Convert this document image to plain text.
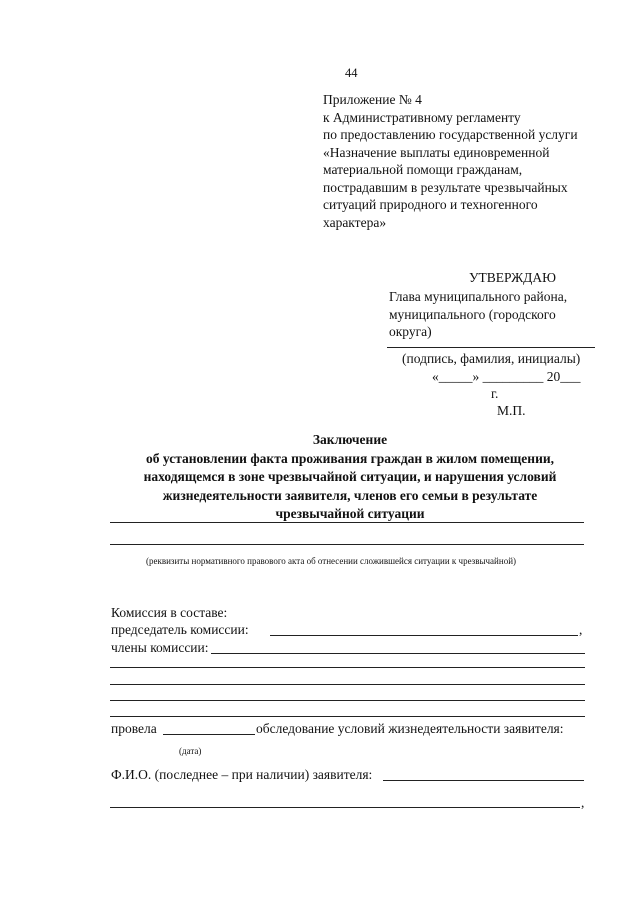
44
Приложение № 4
к Административному регламенту
по предоставлению государственной услуги
«Назначение выплаты единовременной
материальной помощи гражданам,
пострадавшим в результате чрезвычайных
ситуаций природного и техногенного
характера»
УТВЕРЖДАЮ
Глава муниципального района,
муниципального (городского
округа)
(подпись, фамилия, инициалы)
«_____» _________ 20___
г.
М.П.
Заключение
об установлении факта проживания граждан в жилом помещении,
находящемся в зоне чрезвычайной ситуации, и нарушения условий
жизнедеятельности заявителя, членов его семьи в результате
чрезвычайной ситуации
(реквизиты нормативного правового акта об отнесении сложившейся ситуации к чрезвычайной)
Комиссия в составе:
председатель комиссии:	,
члены комиссии:
провела	обследование условий жизнедеятельности заявителя:
(дата)
Ф.И.О. (последнее – при наличии) заявителя:
,
